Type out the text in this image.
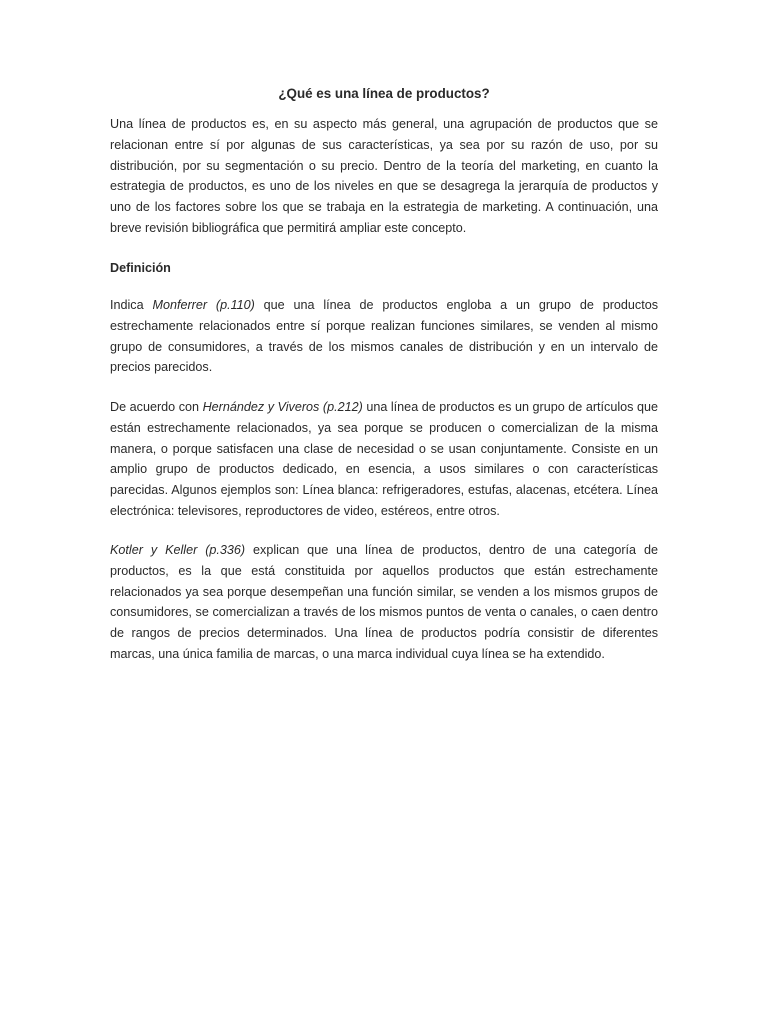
¿Qué es una línea de productos?

Una línea de productos es, en su aspecto más general, una agrupación de productos que se relacionan entre sí por algunas de sus características, ya sea por su razón de uso, por su distribución, por su segmentación o su precio. Dentro de la teoría del marketing, en cuanto la estrategia de productos, es uno de los niveles en que se desagrega la jerarquía de productos y uno de los factores sobre los que se trabaja en la estrategia de marketing. A continuación, una breve revisión bibliográfica que permitirá ampliar este concepto.

Definición

Indica Monferrer (p.110) que una línea de productos engloba a un grupo de productos estrechamente relacionados entre sí porque realizan funciones similares, se venden al mismo grupo de consumidores, a través de los mismos canales de distribución y en un intervalo de precios parecidos.

De acuerdo con Hernández y Viveros (p.212) una línea de productos es un grupo de artículos que están estrechamente relacionados, ya sea porque se producen o comercializan de la misma manera, o porque satisfacen una clase de necesidad o se usan conjuntamente. Consiste en un amplio grupo de productos dedicado, en esencia, a usos similares o con características parecidas. Algunos ejemplos son: Línea blanca: refrigeradores, estufas, alacenas, etcétera. Línea electrónica: televisores, reproductores de video, estéreos, entre otros.

Kotler y Keller (p.336) explican que una línea de productos, dentro de una categoría de productos, es la que está constituida por aquellos productos que están estrechamente relacionados ya sea porque desempeñan una función similar, se venden a los mismos grupos de consumidores, se comercializan a través de los mismos puntos de venta o canales, o caen dentro de rangos de precios determinados. Una línea de productos podría consistir de diferentes marcas, una única familia de marcas, o una marca individual cuya línea se ha extendido.
